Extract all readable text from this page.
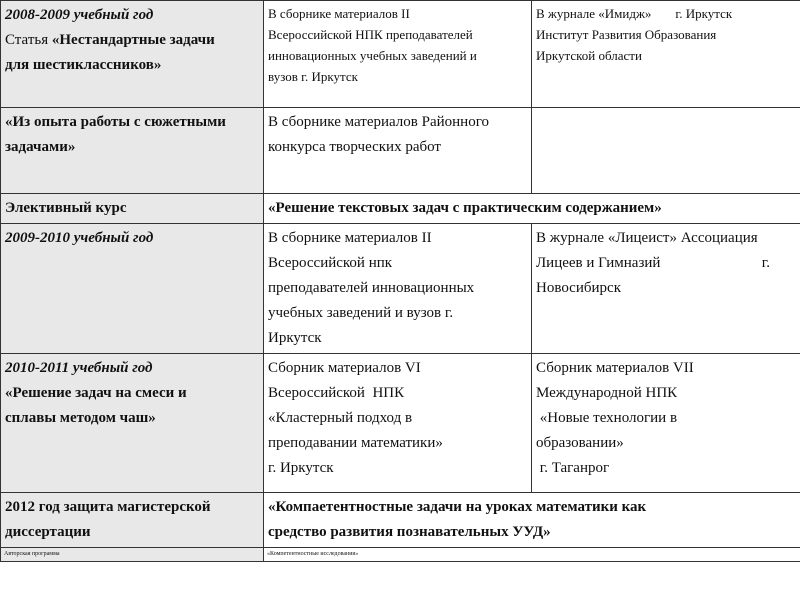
2008-2009 учебный год
Статья «Нестандартные задачи
для шестиклассников»	В сборнике материалов II
Всероссийской НПК преподавателей
инновационных учебных заведений и
вузов г. Иркутск	В журнале «Имидж» г. Иркутск
Институт Развития Образования
Иркутской области

«Из опыта работы с сюжетными
задачами»	В сборнике материалов Районного
конкурса творческих работ	

Элективный курс	«Решение текстовых задач с практическим содержанием»	

2009-2010 учебный год	В сборнике материалов II
Всероссийской нпк
преподавателей инновационных
учебных заведений и вузов г.
Иркутск	В журнале «Лицеист» Ассоциация
Лицеев и Гимназий г.
Новосибирск

2010-2011 учебный год
«Решение задач на смеси и
сплавы методом чаш»	Сборник материалов VI
Всероссийской  НПК
«Кластерный подход в
преподавании математики»
г. Иркутск	Сборник материалов VII
Международной НПК
«Новые технологии в
образовании»
г. Таганрог

2012 год защита магистерской
диссертации	«Компаетентностные задачи на уроках математики как
средство развития познавательных УУД»	

Авторская программа	«Компетентностные исследования»	
